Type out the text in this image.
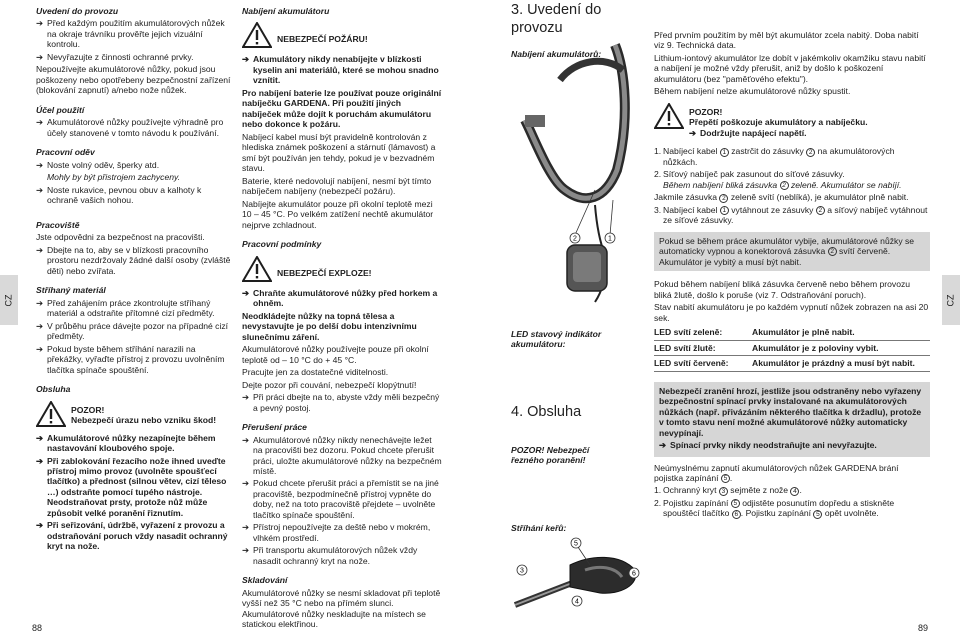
CZ	CZ
88	89
Uvedení do provozu
➔ Před každým použitím akumulátorových nůžek na okraje trávníku prověřte jejich vizuální kontrolu.
➔ Nevyřazujte z činnosti ochranné prvky.

Nepoužívejte akumulátorové nůžky, pokud jsou poškozeny nebo opotřebeny bezpečnostní zařízení (blokování zapnutí) a/nebo nože nůžek.

Účel použití
➔ Akumulátorové nůžky používejte výhradně pro účely stanovené v tomto návodu k používání.
Pracovní oděv
➔ Noste volný oděv, šperky atd.

Mohly by být přistrojem zachyceny.

➔ Noste rukavice, pevnou obuv a kalhoty k ochraně vašich nohou.
Pracoviště

Jste odpovědni za bezpečnost na pracovišti.

➔ Dbejte na to, aby se v blízkosti pracovního prostoru nezdržovaly žádné další osoby (zvláště děti) nebo zvířata.
Stříhaný materiál
➔ Před zahájením práce zkontrolujte stříhaný materiál a odstraňte přítomné cizí předměty.
➔ V průběhu práce dávejte pozor na případné cizí předměty.
➔ Pokud byste během stříhání narazili na překážky, vyřaďte přístroj z provozu uvolněním tlačítka spínače spouštění.
Obsluha
POZOR!
Nebezpečí úrazu nebo vzniku škod!
➔ Akumulátorové nůžky nezapínejte během nastavování kloubového spoje.
➔ Při zablokování řezacího nože ihned uveďte přístroj mimo provoz (uvolněte spoušťecí tlačítko) a přednost (silnou větev, cizí těleso …) odstraňte pomocí tupého nástroje. Neodstraňovat prsty, protože nůž může způsobit velké poranění řiznutím.
➔ Při seřizování, údržbě, vyřazení z provozu a odstraňování poruch vždy nasadit ochranný kryt na nože.
Nabíjení akumulátoru
NEBEZPEČÍ POŽÁRU!
➔ Akumulátory nikdy nenabíjejte v blízkosti kyselin ani materiálů, které se mohou snadno vznítit.

Pro nabíjení baterie lze používat pouze originální nabíječku GARDENA. Při použití jiných nabíječek může dojít k poruchám akumulátoru nebo dokonce k požáru.

Nabíjecí kabel musí být pravidelně kontrolován z hlediska známek poškození a stárnutí (lámavost) a smí být používán jen tehdy, pokud je v bezvadném stavu.

Baterie, které nedovolují nabíjení, nesmí být tímto nabíječem nabíjeny (nebezpečí požáru).

Nabíjejte akumulátor pouze při okolní teplotě mezi 10 – 45 °C. Po velkém zatížení nechtě akumulátor nejprve zchladnout.

Pracovní podmínky
NEBEZPEČÍ EXPLOZE!
➔ Chraňte akumulátorové nůžky před horkem a ohněm.

Neodkládejte nůžky na topná tělesa a nevystavujte je po delší dobu intenzivnímu slunečnímu záření.

Akumulátorové nůžky používejte pouze při okolní teplotě od – 10 °C do + 45 °C.

Pracujte jen za dostatečné viditelnosti.

Dejte pozor při couvání, nebezpečí klopýtnutí!

➔ Při práci dbejte na to, abyste vždy měli bezpečný a pevný postoj.
Přerušení práce
➔ Akumulátorové nůžky nikdy nenechávejte ležet na pracovišti bez dozoru. Pokud chcete přerušit práci, uložte akumulátorové nůžky na bezpečném místě.
➔ Pokud chcete přerušit práci a přemístit se na jiné pracoviště, bezpodmínečně přístroj vypněte do doby, než na toto pracoviště přejdete – uvolněte tlačítko spínače spouštění.
➔ Přístroj nepoužívejte za deště nebo v mokrém, vlhkém prostředí.
➔ Při transportu akumulátorových nůžek vždy nasadit ochranný kryt na nože.
Skladování

Akumulátorové nůžky se nesmí skladovat při teplotě vyšší než 35 °C nebo na přímém slunci. Akumulátorové nůžky neskladujte na místech se statickou elektřinou.

3. Uvedení do provozu
Nabíjení akumulátorů:
LED stavový indikátor akumulátoru:
4. Obsluha
POZOR! Nebezpečí řezného poranění!
Stříhání keřů:
2	1
5
3	6
4

Před prvním použitím by měl být akumulátor zcela nabitý. Doba nabití viz 9. Technická data.

Lithium-iontový akumulátor lze dobít v jakémkoliv okamžiku stavu nabití a nabíjení je možné vždy přerušit, aniž by došlo k poškození akumulátoru (bez "paměťového efektu").

Během nabíjení nelze akumulátorové nůžky spustit.

POZOR!
Přepětí poškozuje akumulátory a nabíječku.
➔ Dodržujte napájecí napětí.
1. Nabíjecí kabel 1 zastrčit do zásuvky 2 na akumulátorových nůžkách.
2. Síťový nabíječ pak zasunout do síťové zásuvky.
Během nabíjení bliká zásuvka 2 zeleně. Akumulátor se nabíjí.

Jakmile zásuvka 2 zeleně svítí (neblíká), je akumulátor plně nabit.

3. Nabíjecí kabel 1 vytáhnout ze zásuvky 2 a síťový nabíječ vytáhnout ze síťové zásuvky.
Pokud se během práce akumulátor vybije, akumulátorové nůžky se automaticky vypnou a konektorová zásuvka 2 svítí červeně. Akumulátor je vybitý a musí být nabit.

Pokud během nabíjení bliká zásuvka červeně nebo během provozu bliká žlutě, došlo k poruše (viz 7. Odstraňování poruch).

Stav nabití akumulátoru je po každém vypnutí nůžek zobrazen na asi 20 sek.

LED svítí zeleně:	Akumulátor je plně nabit.
LED svítí žlutě:	Akumulátor je z poloviny vybit.
LED svítí červeně:	Akumulátor je prázdný a musí být nabit.
Nebezpečí zranění hrozí, jestliže jsou odstraněny nebo vyřazeny bezpečnostní spínací prvky instalované na akumulátorových nůžkách (např. přivázáním některého tlačítka k držadlu), protože v tomto stavu není možné akumulátorové nůžky automaticky nevypínají.
➔ Spínací prvky nikdy neodstraňujte ani nevyřazujte.

Neúmyslnému zapnutí akumulátorových nůžek GARDENA brání pojistka zapínání 5 .

1. Ochranný kryt 3 sejměte z nože 4 .
2. Pojistku zapínání 5 odjistěte posunutím dopředu a stiskněte spouštěcí tlačítko 6 . Pojistku zapínání 5 opět uvolněte.
